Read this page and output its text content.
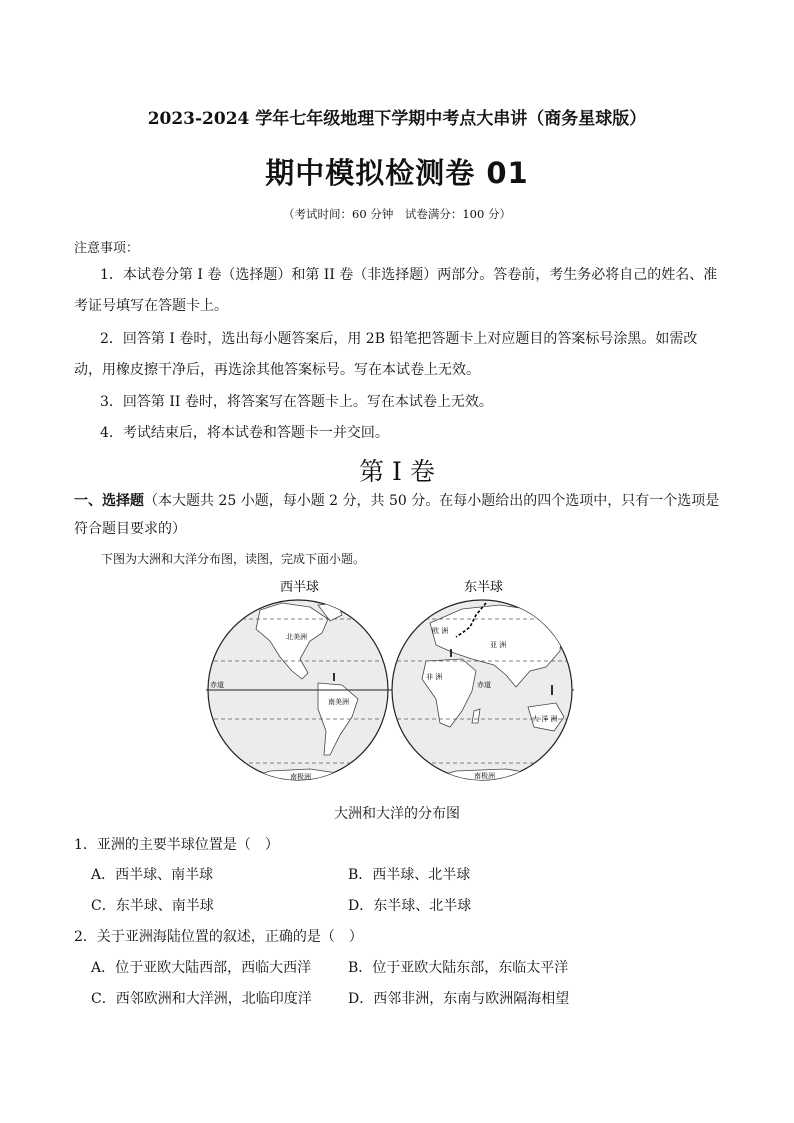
2023-2024 学年七年级地理下学期中考点大串讲（商务星球版）
期中模拟检测卷 01
（考试时间：60 分钟　试卷满分：100 分）
注意事项：
1．本试卷分第 I 卷（选择题）和第 II 卷（非选择题）两部分。答卷前，考生务必将自己的姓名、准考证号填写在答题卡上。
2．回答第 I 卷时，选出每小题答案后，用 2B 铅笔把答题卡上对应题目的答案标号涂黑。如需改动，用橡皮擦干净后，再选涂其他答案标号。写在本试卷上无效。
3．回答第 II 卷时，将答案写在答题卡上。写在本试卷上无效。
4．考试结束后，将本试卷和答题卡一并交回。
第 I 卷
一、选择题（本大题共 25 小题，每小题 2 分，共 50 分。在每小题给出的四个选项中，只有一个选项是符合题目要求的）
下图为大洲和大洋分布图，读图，完成下面小题。
西半球	东半球
赤道
北美洲
南美洲
南极洲
欧 洲
亚 洲
非 洲
赤道
大 洋 洲
南极洲
大洲和大洋的分布图
1．亚洲的主要半球位置是（　）
A．西半球、南半球	B．西半球、北半球
C．东半球、南半球	D．东半球、北半球
2．关于亚洲海陆位置的叙述，正确的是（　）
A．位于亚欧大陆西部，西临大西洋	B．位于亚欧大陆东部，东临太平洋
C．西邻欧洲和大洋洲，北临印度洋	D．西邻非洲，东南与欧洲隔海相望
